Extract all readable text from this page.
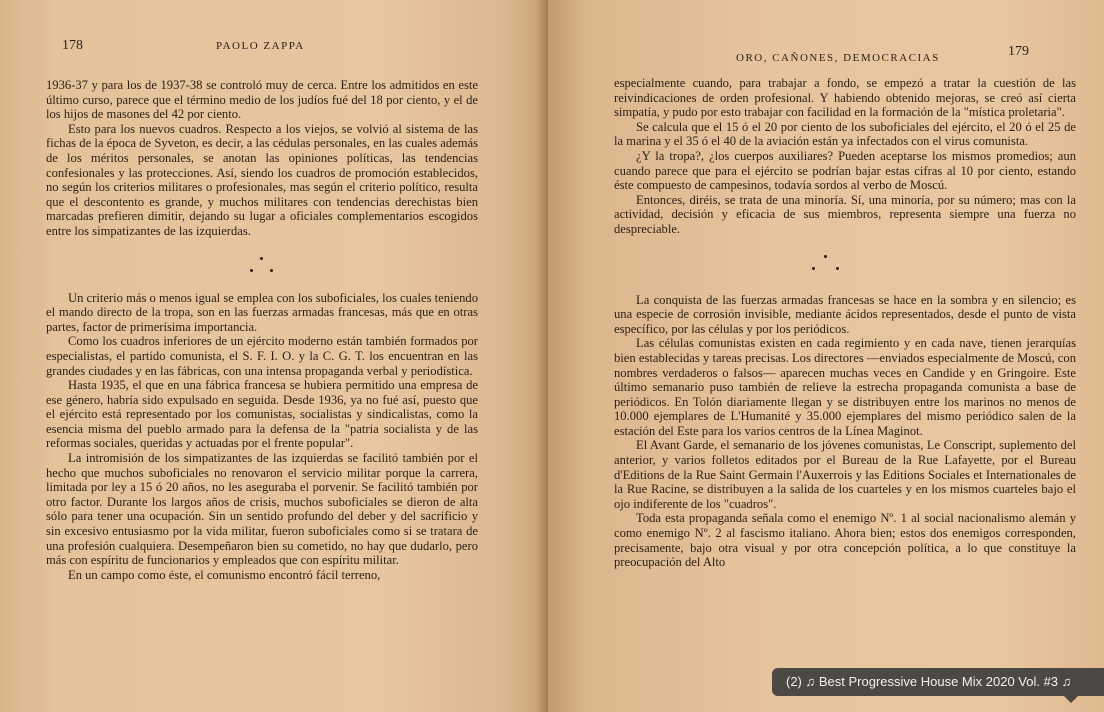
178	PAOLO ZAPPA

1936-37 y para los de 1937-38 se controló muy de cerca. Entre los admitidos en este último curso, parece que el término medio de los judíos fué del 18 por ciento, y el de los hijos de masones del 42 por ciento.

Esto para los nuevos cuadros. Respecto a los viejos, se volvió al sistema de las fichas de la época de Syveton, es decir, a las cédulas personales, en las cuales además de los méritos personales, se anotan las opiniones políticas, las tendencias confesionales y las protecciones. Así, siendo los cuadros de promoción establecidos, no según los criterios militares o profesionales, mas según el criterio político, resulta que el descontento es grande, y muchos militares con tendencias derechistas bien marcadas prefieren dimitir, dejando su lugar a oficiales complementarios escogidos entre los simpatizantes de las izquierdas.

Un criterio más o menos igual se emplea con los suboficiales, los cuales teniendo el mando directo de la tropa, son en las fuerzas armadas francesas, más que en otras partes, factor de primerísima importancia.

Como los cuadros inferiores de un ejército moderno están también formados por especialistas, el partido comunista, el S. F. I. O. y la C. G. T. los encuentran en las grandes ciudades y en las fábricas, con una intensa propaganda verbal y periodística.

Hasta 1935, el que en una fábrica francesa se hubiera permitido una empresa de ese género, habría sido expulsado en seguida. Desde 1936, ya no fué así, puesto que el ejército está representado por los comunistas, socialistas y sindicalistas, como la esencia misma del pueblo armado para la defensa de la "patria socialista y de las reformas sociales, queridas y actuadas por el frente popular".

La intromisión de los simpatizantes de las izquierdas se facilitó también por el hecho que muchos suboficiales no renovaron el servicio militar porque la carrera, limitada por ley a 15 ó 20 años, no les aseguraba el porvenir. Se facilitó también por otro factor. Durante los largos años de crisis, muchos suboficiales se dieron de alta sólo para tener una ocupación. Sin un sentido profundo del deber y del sacrificio y sin excesivo entusiasmo por la vida militar, fueron suboficiales como si se tratara de una profesión cualquiera. Desempeñaron bien su cometido, no hay que dudarlo, pero más con espíritu de funcionarios y empleados que con espíritu militar.

En un campo como éste, el comunismo encontró fácil terreno,

ORO, CAÑONES, DEMOCRACIAS	179

especialmente cuando, para trabajar a fondo, se empezó a tratar la cuestión de las reivindicaciones de orden profesional. Y habiendo obtenido mejoras, se creó así cierta simpatía, y pudo por esto trabajar con facilidad en la formación de la "mística proletaria".

Se calcula que el 15 ó el 20 por ciento de los suboficiales del ejército, el 20 ó el 25 de la marina y el 35 ó el 40 de la aviación están ya infectados con el virus comunista.

¿Y la tropa?, ¿los cuerpos auxiliares? Pueden aceptarse los mismos promedios; aun cuando parece que para el ejército se podrían bajar estas cifras al 10 por ciento, estando éste compuesto de campesinos, todavía sordos al verbo de Moscú.

Entonces, diréis, se trata de una minoría. Sí, una minoría, por su número; mas con la actividad, decisión y eficacia de sus miembros, representa siempre una fuerza no despreciable.

La conquista de las fuerzas armadas francesas se hace en la sombra y en silencio; es una especie de corrosión invisible, mediante ácidos representados, desde el punto de vista específico, por las células y por los periódicos.

Las células comunistas existen en cada regimiento y en cada nave, tienen jerarquías bien establecidas y tareas precisas. Los directores —enviados especialmente de Moscú, con nombres verdaderos o falsos— aparecen muchas veces en Candide y en Gringoire. Este último semanario puso también de relieve la estrecha propaganda comunista a base de periódicos. En Tolón diariamente llegan y se distribuyen entre los marinos no menos de 10.000 ejemplares de L'Humanité y 35.000 ejemplares del mismo periódico salen de la estación del Este para los varios centros de la Línea Maginot.

El Avant Garde, el semanario de los jóvenes comunistas, Le Conscript, suplemento del anterior, y varios folletos editados por el Bureau de la Rue Lafayette, por el Bureau d'Editions de la Rue Saint Germain l'Auxerrois y las Editions Sociales et Internationales de la Rue Racine, se distribuyen a la salida de los cuarteles y en los mismos cuarteles bajo el ojo indiferente de los "cuadros".

Toda esta propaganda señala como el enemigo Nº. 1 al social nacionalismo alemán y como enemigo Nº. 2 al fascismo italiano. Ahora bien; estos dos enemigos corresponden, precisamente, bajo otra visual y por otra concepción política, a lo que constituye la preocupación del Alto

(2) ♫ Best Progressive House Mix 2020 Vol. #3 ♫
